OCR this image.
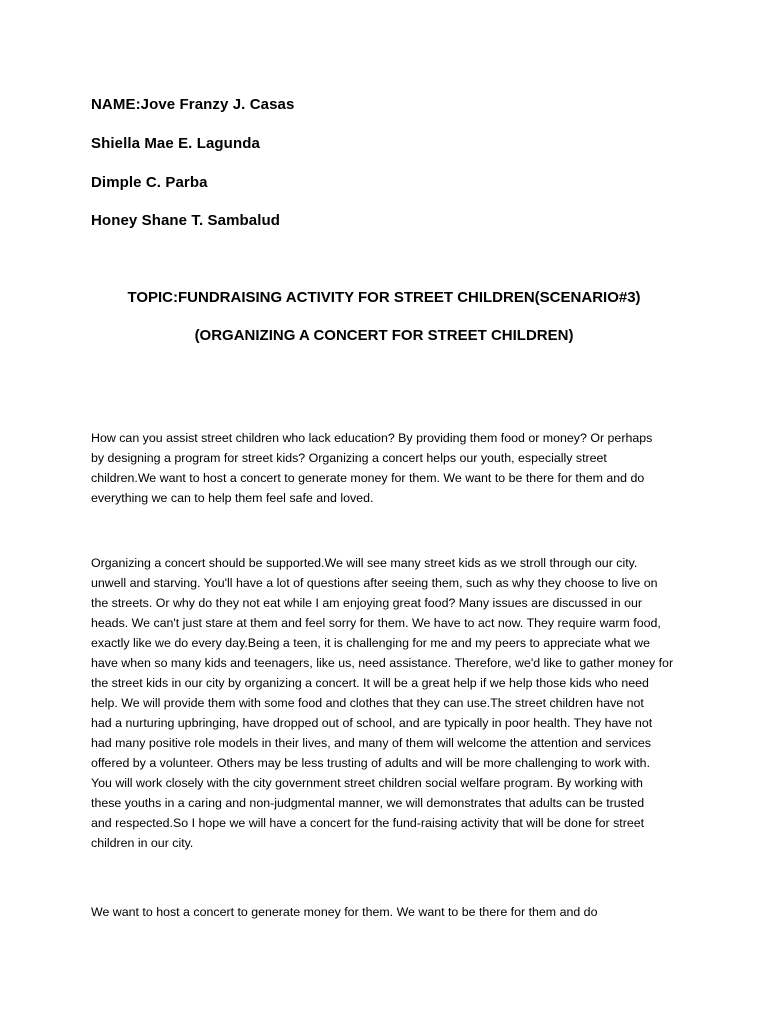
NAME:Jove Franzy J. Casas
Shiella Mae E. Lagunda
Dimple C. Parba
Honey Shane T. Sambalud
TOPIC:FUNDRAISING ACTIVITY FOR STREET CHILDREN(SCENARIO#3)
(ORGANIZING A CONCERT FOR STREET CHILDREN)
How can you assist street children who lack education? By providing them food or money? Or perhaps
by designing a program for street kids? Organizing a concert helps our youth, especially street
children.We want to host a concert to generate money for them. We want to be there for them and do
everything we can to help them feel safe and loved.
Organizing a concert should be supported.We will see many street kids as we stroll through our city.
unwell and starving. You'll have a lot of questions after seeing them, such as why they choose to live on
the streets. Or why do they not eat while I am enjoying great food? Many issues are discussed in our
heads. We can't just stare at them and feel sorry for them. We have to act now. They require warm food,
exactly like we do every day.Being a teen, it is challenging for me and my peers to appreciate what we
have when so many kids and teenagers, like us, need assistance. Therefore, we'd like to gather money for
the street kids in our city by organizing a concert. It will be a great help if we help those kids who need
help. We will provide them with some food and clothes that they can use.The street children have not
had a nurturing upbringing, have dropped out of school, and are typically in poor health. They have not
had many positive role models in their lives, and many of them will welcome the attention and services
offered by a volunteer. Others may be less trusting of adults and will be more challenging to work with.
You will work closely with the city government street children social welfare program. By working with
these youths in a caring and non-judgmental manner, we will demonstrates that adults can be trusted
and respected.So I hope we will have a concert for the fund-raising activity that will be done for street
children in our city.
We want to host a concert to generate money for them. We want to be there for them and do
